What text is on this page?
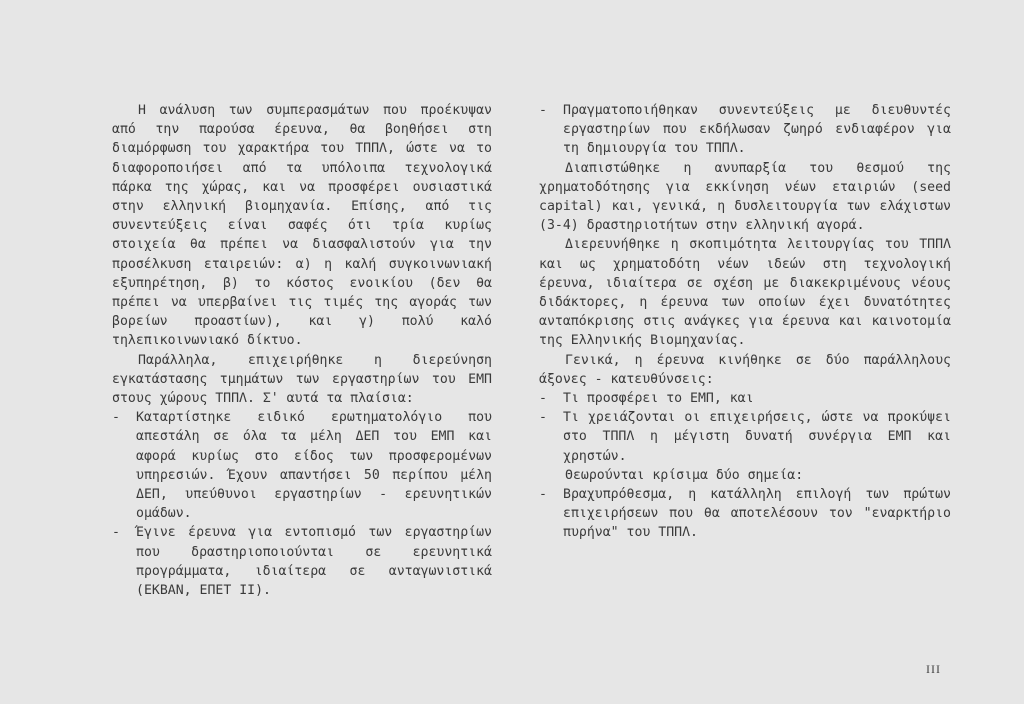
Η ανάλυση των συμπερασμάτων που προέκυψαν από την παρούσα έρευνα, θα βοηθήσει στη διαμόρφωση του χαρακτήρα του ΤΠΠΛ, ώστε να το διαφοροποιήσει από τα υπόλοιπα τεχνολογικά πάρκα της χώρας, και να προσφέρει ουσιαστικά στην ελληνική βιομηχανία. Επίσης, από τις συνεντεύξεις είναι σαφές ότι τρία κυρίως στοιχεία θα πρέπει να διασφαλιστούν για την προσέλκυση εταιρειών: α) η καλή συγκοινωνιακή εξυπηρέτηση, β) το κόστος ενοικίου (δεν θα πρέπει να υπερβαίνει τις τιμές της αγοράς των βορείων προαστίων), και γ) πολύ καλό τηλεπικοινωνιακό δίκτυο.

Παράλληλα, επιχειρήθηκε η διερεύνηση εγκατάστασης τμημάτων των εργαστηρίων του ΕΜΠ στους χώρους ΤΠΠΛ. Σ' αυτά τα πλαίσια:

- Καταρτίστηκε ειδικό ερωτηματολόγιο που απεστάλη σε όλα τα μέλη ΔΕΠ του ΕΜΠ και αφορά κυρίως στο είδος των προσφερομένων υπηρεσιών. Έχουν απαντήσει 50 περίπου μέλη ΔΕΠ, υπεύθυνοι εργαστηρίων - ερευνητικών ομάδων.

- Έγινε έρευνα για εντοπισμό των εργαστηρίων που δραστηριοποιούνται σε ερευνητικά προγράμματα, ιδιαίτερα σε ανταγωνιστικά (ΕΚΒΑΝ, ΕΠΕΤ ΙΙ).

- Πραγματοποιήθηκαν συνεντεύξεις με διευθυντές εργαστηρίων που εκδήλωσαν ζωηρό ενδιαφέρον για τη δημιουργία του ΤΠΠΛ.

Διαπιστώθηκε η ανυπαρξία του θεσμού της χρηματοδότησης για εκκίνηση νέων εταιριών (seed capital) και, γενικά, η δυσλειτουργία των ελάχιστων (3-4) δραστηριοτήτων στην ελληνική αγορά.

Διερευνήθηκε η σκοπιμότητα λειτουργίας του ΤΠΠΛ και ως χρηματοδότη νέων ιδεών στη τεχνολογική έρευνα, ιδιαίτερα σε σχέση με διακεκριμένους νέους διδάκτορες, η έρευνα των οποίων έχει δυνατότητες ανταπόκρισης στις ανάγκες για έρευνα και καινοτομία της Ελληνικής Βιομηχανίας.

Γενικά, η έρευνα κινήθηκε σε δύο παράλληλους άξονες - κατευθύνσεις:

- Τι προσφέρει το ΕΜΠ, και

- Τι χρειάζονται οι επιχειρήσεις, ώστε να προκύψει στο ΤΠΠΛ η μέγιστη δυνατή συνέργια ΕΜΠ και χρηστών.

Θεωρούνται κρίσιμα δύο σημεία:

- Βραχυπρόθεσμα, η κατάλληλη επιλογή των πρώτων επιχειρήσεων που θα αποτελέσουν τον "εναρκτήριο πυρήνα" του ΤΠΠΛ.

III
